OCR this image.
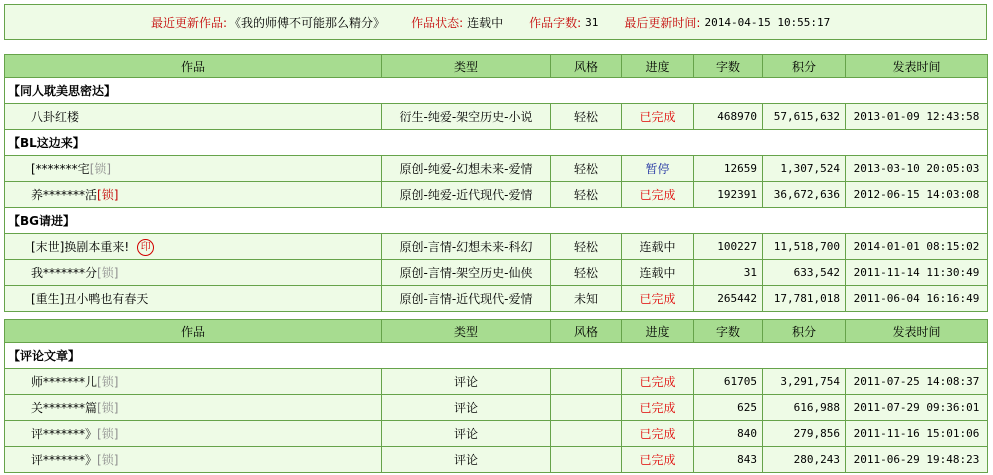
最近更新作品: 《我的师傅不可能那么精分》 作品状态: 连载中 作品字数: 31 最后更新时间: 2014-04-15 10:55:17
作品	类型	风格	进度	字数	积分	发表时间
【同人耽美思密达】						
八卦红楼	衍生-纯爱-架空历史-小说	轻松	已完成	468970	57,615,632	2013-01-09 12:43:58
【BL这边来】						
[*******宅[锁]	原创-纯爱-幻想未来-爱情	轻松	暂停	12659	1,307,524	2013-03-10 20:05:03
养*******活[锁]	原创-纯爱-近代现代-爱情	轻松	已完成	192391	36,672,636	2012-06-15 14:03:08
【BG请进】						
[末世]换剧本重来! 印	原创-言情-幻想未来-科幻	轻松	连载中	100227	11,518,700	2014-01-01 08:15:02
我*******分[锁]	原创-言情-架空历史-仙侠	轻松	连载中	31	633,542	2011-11-14 11:30:49
[重生]丑小鸭也有春天	原创-言情-近代现代-爱情	未知	已完成	265442	17,781,018	2011-06-04 16:16:49
作品	类型	风格	进度	字数	积分	发表时间
【评论文章】						
师*******儿[锁]	评论		已完成	61705	3,291,754	2011-07-25 14:08:37
关*******篇[锁]	评论		已完成	625	616,988	2011-07-29 09:36:01
评*******》[锁]	评论		已完成	840	279,856	2011-11-16 15:01:06
评*******》[锁]	评论		已完成	843	280,243	2011-06-29 19:48:23
